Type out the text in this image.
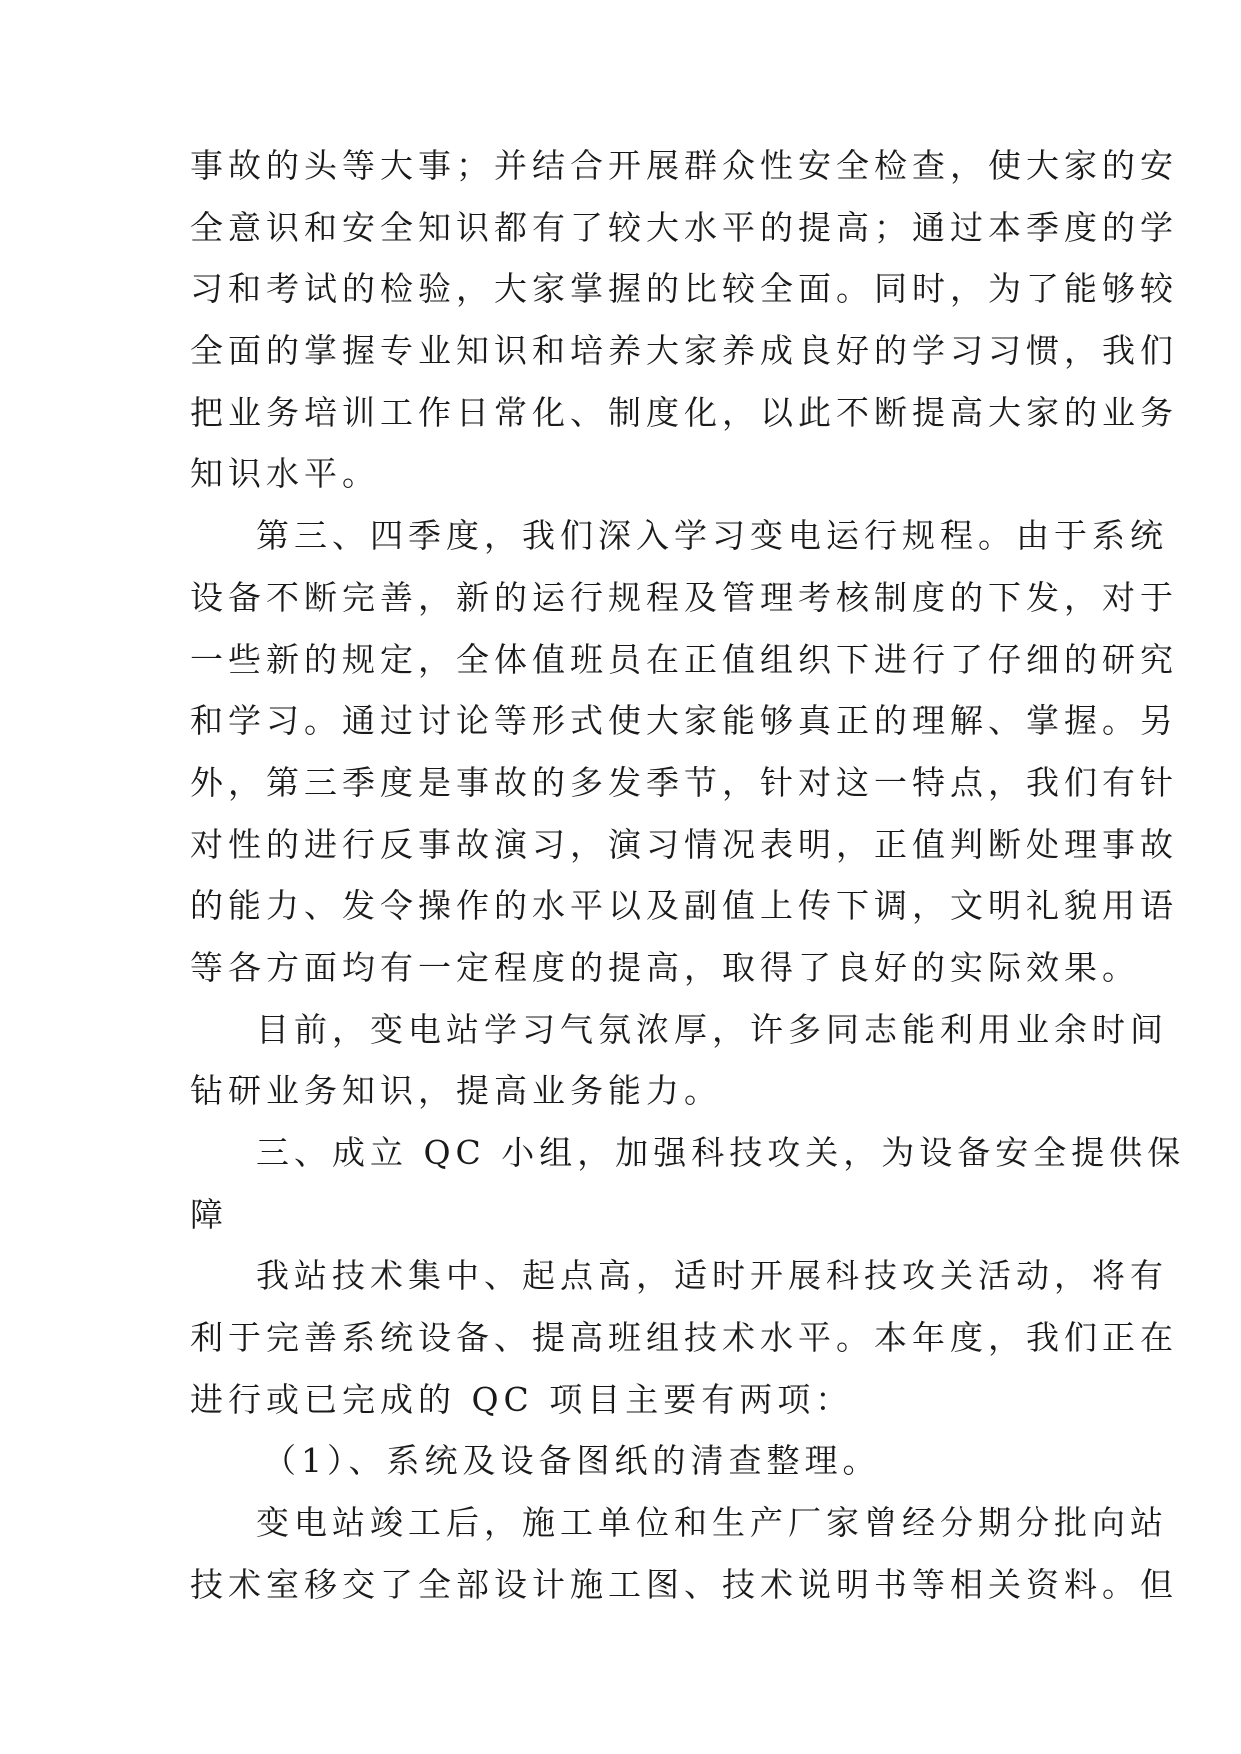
事故的头等大事；并结合开展群众性安全检查，使大家的安
全意识和安全知识都有了较大水平的提高；通过本季度的学
习和考试的检验，大家掌握的比较全面。同时，为了能够较
全面的掌握专业知识和培养大家养成良好的学习习惯，我们
把业务培训工作日常化、制度化，以此不断提高大家的业务
知识水平。
第三、四季度，我们深入学习变电运行规程。由于系统
设备不断完善，新的运行规程及管理考核制度的下发，对于
一些新的规定，全体值班员在正值组织下进行了仔细的研究
和学习。通过讨论等形式使大家能够真正的理解、掌握。另
外，第三季度是事故的多发季节，针对这一特点，我们有针
对性的进行反事故演习，演习情况表明，正值判断处理事故
的能力、发令操作的水平以及副值上传下调，文明礼貌用语
等各方面均有一定程度的提高，取得了良好的实际效果。
目前，变电站学习气氛浓厚，许多同志能利用业余时间
钻研业务知识，提高业务能力。
三、成立 QC 小组，加强科技攻关，为设备安全提供保
障
我站技术集中、起点高，适时开展科技攻关活动，将有
利于完善系统设备、提高班组技术水平。本年度，我们正在
进行或已完成的 QC 项目主要有两项：
（1）、系统及设备图纸的清查整理。
变电站竣工后，施工单位和生产厂家曾经分期分批向站
技术室移交了全部设计施工图、技术说明书等相关资料。但
